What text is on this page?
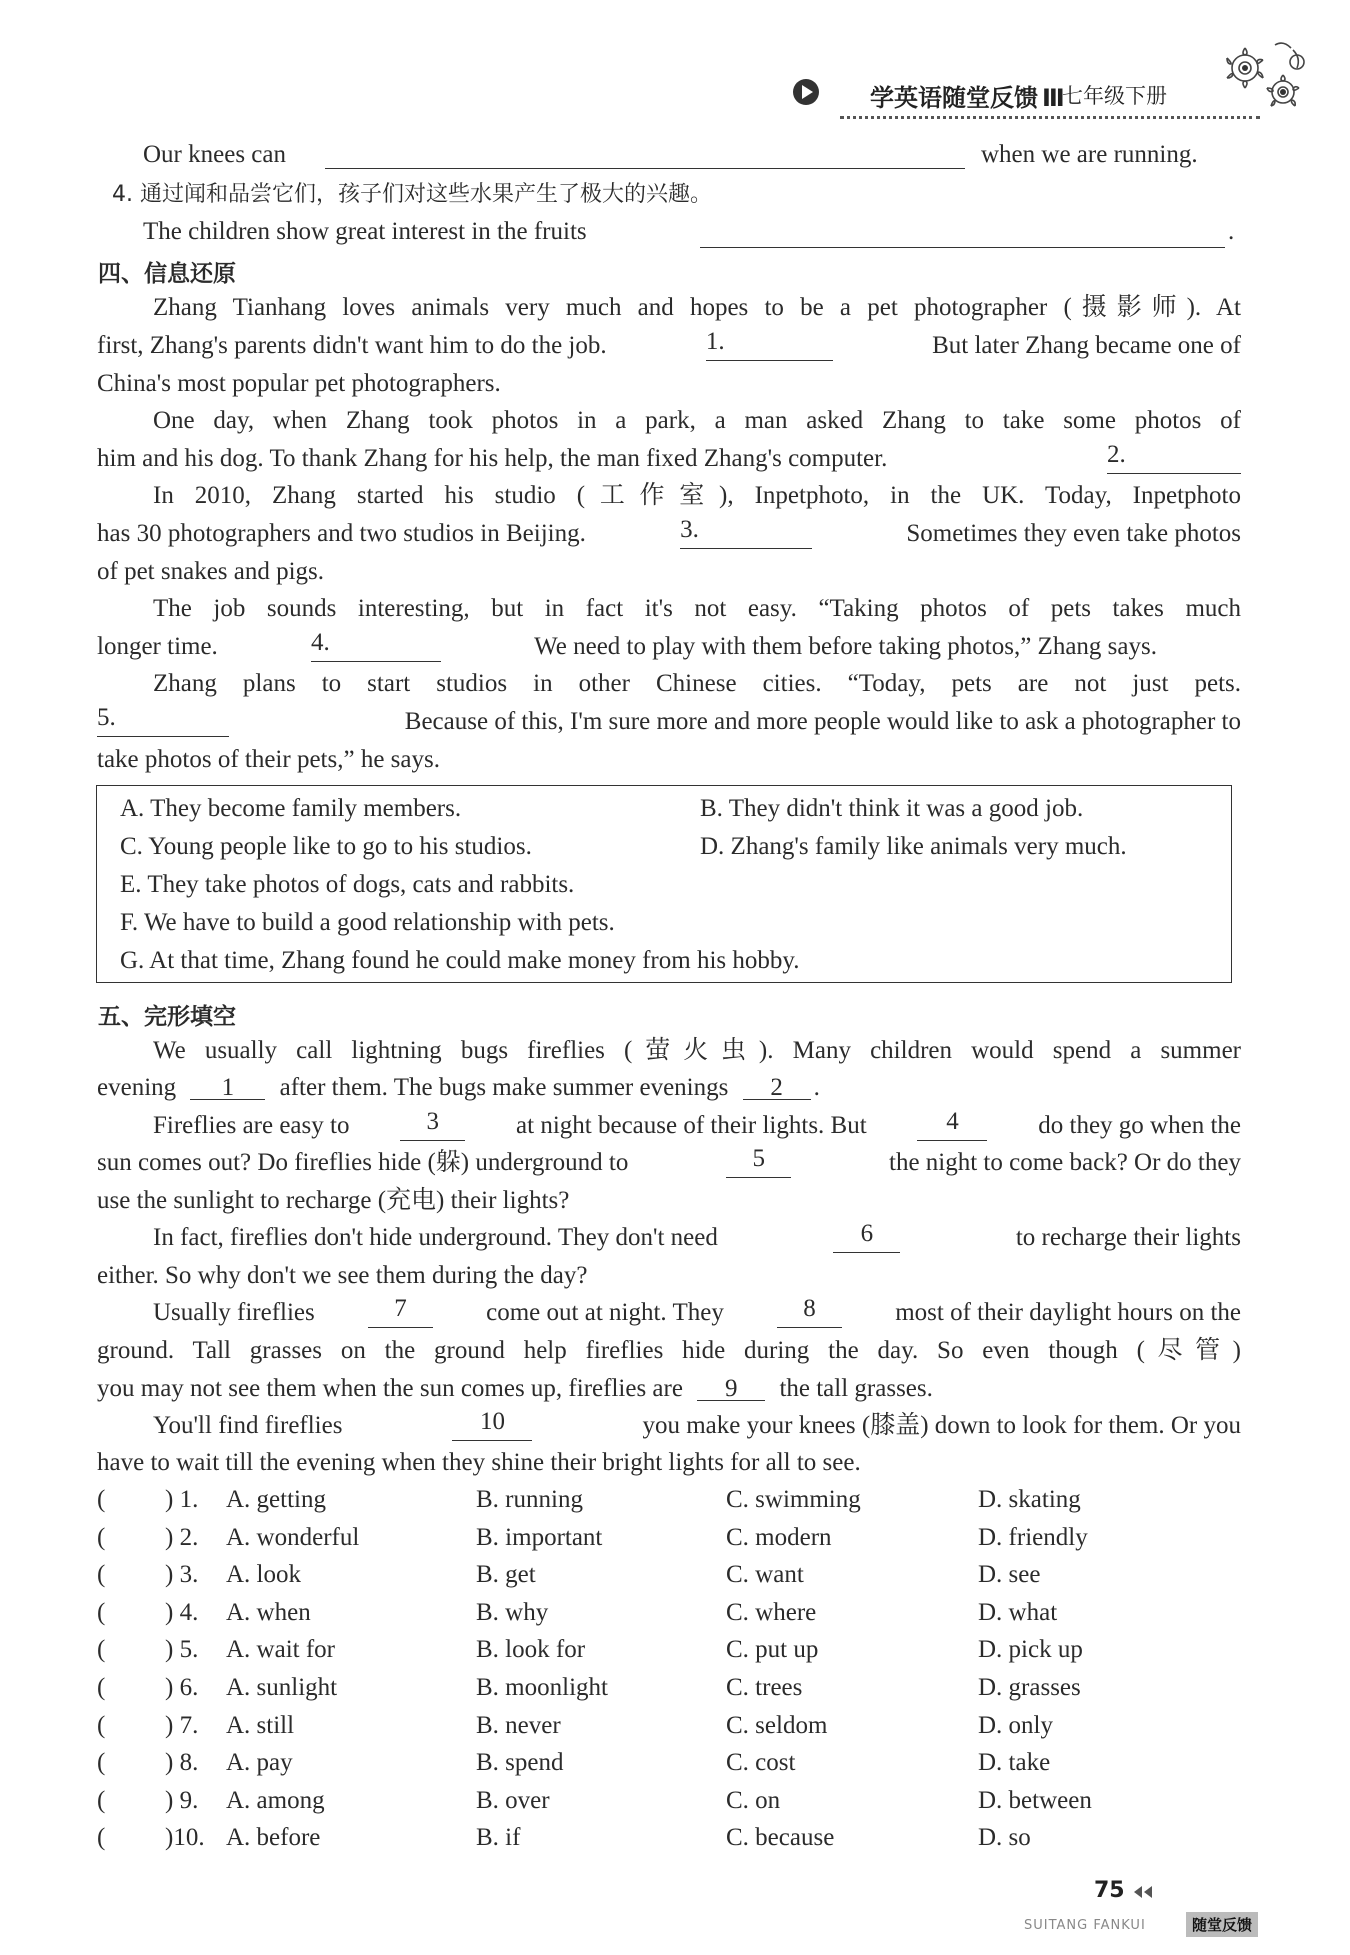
学英语随堂反馈 Ⅲ
七年级下册
Our knees can	when we are running.
4. 通过闻和品尝它们，孩子们对这些水果产生了极大的兴趣。
The children show great interest in the fruits	.
四、信息还原
Zhang Tianhang loves animals very much and hopes to be a pet photographer (摄影师). At
first, Zhang's parents didn't want him to do the job.	1.	But later Zhang became one of
China's most popular pet photographers.
One day, when Zhang took photos in a park, a man asked Zhang to take some photos of
him and his dog. To thank Zhang for his help, the man fixed Zhang's computer.	2.
In 2010, Zhang started his studio (工作室), Inpetphoto, in the UK. Today, Inpetphoto
has 30 photographers and two studios in Beijing.	3.	Sometimes they even take photos
of pet snakes and pigs.
The job sounds interesting, but in fact it's not easy. “Taking photos of pets takes much
longer time.	4.	We need to play with them before taking photos,” Zhang says.
Zhang plans to start studios in other Chinese cities. “Today, pets are not just pets.
5.	Because of this, I'm sure more and more people would like to ask a photographer to
take photos of their pets,” he says.
A. They become family members.	B. They didn't think it was a good job.
C. Young people like to go to his studios.	D. Zhang's family like animals very much.
E. They take photos of dogs, cats and rabbits.
F. We have to build a good relationship with pets.
G. At that time, Zhang found he could make money from his hobby.
五、完形填空
We usually call lightning bugs fireflies (萤火虫). Many children would spend a summer
evening 1 after them. The bugs make summer evenings 2 .
Fireflies are easy to	3	at night because of their lights. But	4	do they go when the
sun comes out? Do fireflies hide (躲) underground to	5	the night to come back? Or do they
use the sunlight to recharge (充电) their lights?
In fact, fireflies don't hide underground. They don't need	6	to recharge their lights
either. So why don't we see them during the day?
Usually fireflies	7	come out at night. They	8	most of their daylight hours on the
ground. Tall grasses on the ground help fireflies hide during the day. So even though (尽管)
you may not see them when the sun comes up, fireflies are 9 the tall grasses.
You'll find fireflies	10	you make your knees (膝盖) down to look for them. Or you
have to wait till the evening when they shine their bright lights for all to see.
( ) 1. A. getting	B. running	C. swimming	D. skating
( ) 2. A. wonderful	B. important	C. modern	D. friendly
( ) 3. A. look	B. get	C. want	D. see
( ) 4. A. when	B. why	C. where	D. what
( ) 5. A. wait for	B. look for	C. put up	D. pick up
( ) 6. A. sunlight	B. moonlight	C. trees	D. grasses
( ) 7. A. still	B. never	C. seldom	D. only
( ) 8. A. pay	B. spend	C. cost	D. take
( ) 9. A. among	B. over	C. on	D. between
( )10. A. before	B. if	C. because	D. so
75
SUITANG FANKUI	随堂反馈
